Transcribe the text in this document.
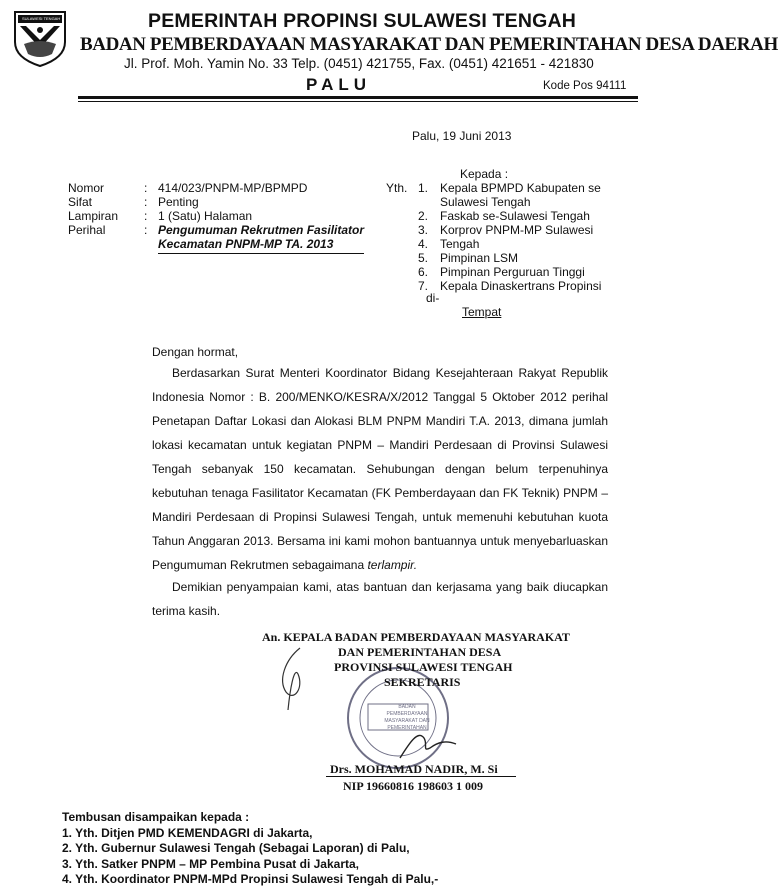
SULAWESI TENGAH	PEMERINTAH PROPINSI SULAWESI TENGAH
BADAN PEMBERDAYAAN MASYARAKAT DAN PEMERINTAHAN DESA DAERAH
Jl. Prof. Moh. Yamin No. 33 Telp. (0451) 421755, Fax. (0451) 421651 - 421830
PALU	Kode Pos 94111
Palu, 19 Juni 2013
Nomor	: 414/023/PNPM-MP/BPMPD
Sifat	: Penting
Lampiran : 1 (Satu) Halaman
Perihal	: Pengumuman Rekrutmen Fasilitator
Kecamatan PNPM-MP TA. 2013
Kepada :
Yth. 1. Kepala BPMPD Kabupaten se
Sulawesi Tengah
2. Faskab se-Sulawesi Tengah
3. Korprov PNPM-MP Sulawesi
4. Tengah
5. Pimpinan LSM
6. Pimpinan Perguruan Tinggi
7. Kepala Dinaskertrans Propinsi
di-
Tempat
Dengan hormat,

Berdasarkan Surat Menteri Koordinator Bidang Kesejahteraan Rakyat Republik Indonesia Nomor : B. 200/MENKO/KESRA/X/2012 Tanggal 5 Oktober 2012 perihal Penetapan Daftar Lokasi dan Alokasi BLM PNPM Mandiri T.A. 2013, dimana jumlah lokasi kecamatan untuk kegiatan PNPM – Mandiri Perdesaan di Provinsi Sulawesi Tengah sebanyak 150 kecamatan. Sehubungan dengan belum terpenuhinya kebutuhan tenaga Fasilitator Kecamatan (FK Pemberdayaan dan FK Teknik) PNPM – Mandiri Perdesaan di Propinsi Sulawesi Tengah, untuk memenuhi kebutuhan kuota Tahun Anggaran 2013. Bersama ini kami mohon bantuannya untuk menyebarluaskan Pengumuman Rekrutmen sebagaimana terlampir.

Demikian penyampaian kami, atas bantuan dan kerjasama yang baik diucapkan terima kasih.

BADAN PEMBERDAYAAN MASYARAKAT DAN PEMERINTAHAN
An. KEPALA BADAN PEMBERDAYAAN MASYARAKAT
DAN PEMERINTAHAN DESA
PROVINSI SULAWESI TENGAH
SEKRETARIS
Drs. MOHAMAD NADIR, M. Si
NIP 19660816 198603 1 009
Tembusan disampaikan kepada :
1. Yth. Ditjen PMD KEMENDAGRI di Jakarta,
2. Yth. Gubernur Sulawesi Tengah (Sebagai Laporan) di Palu,
3. Yth. Satker PNPM – MP Pembina Pusat di Jakarta,
4. Yth. Koordinator PNPM-MPd Propinsi Sulawesi Tengah di Palu,-
